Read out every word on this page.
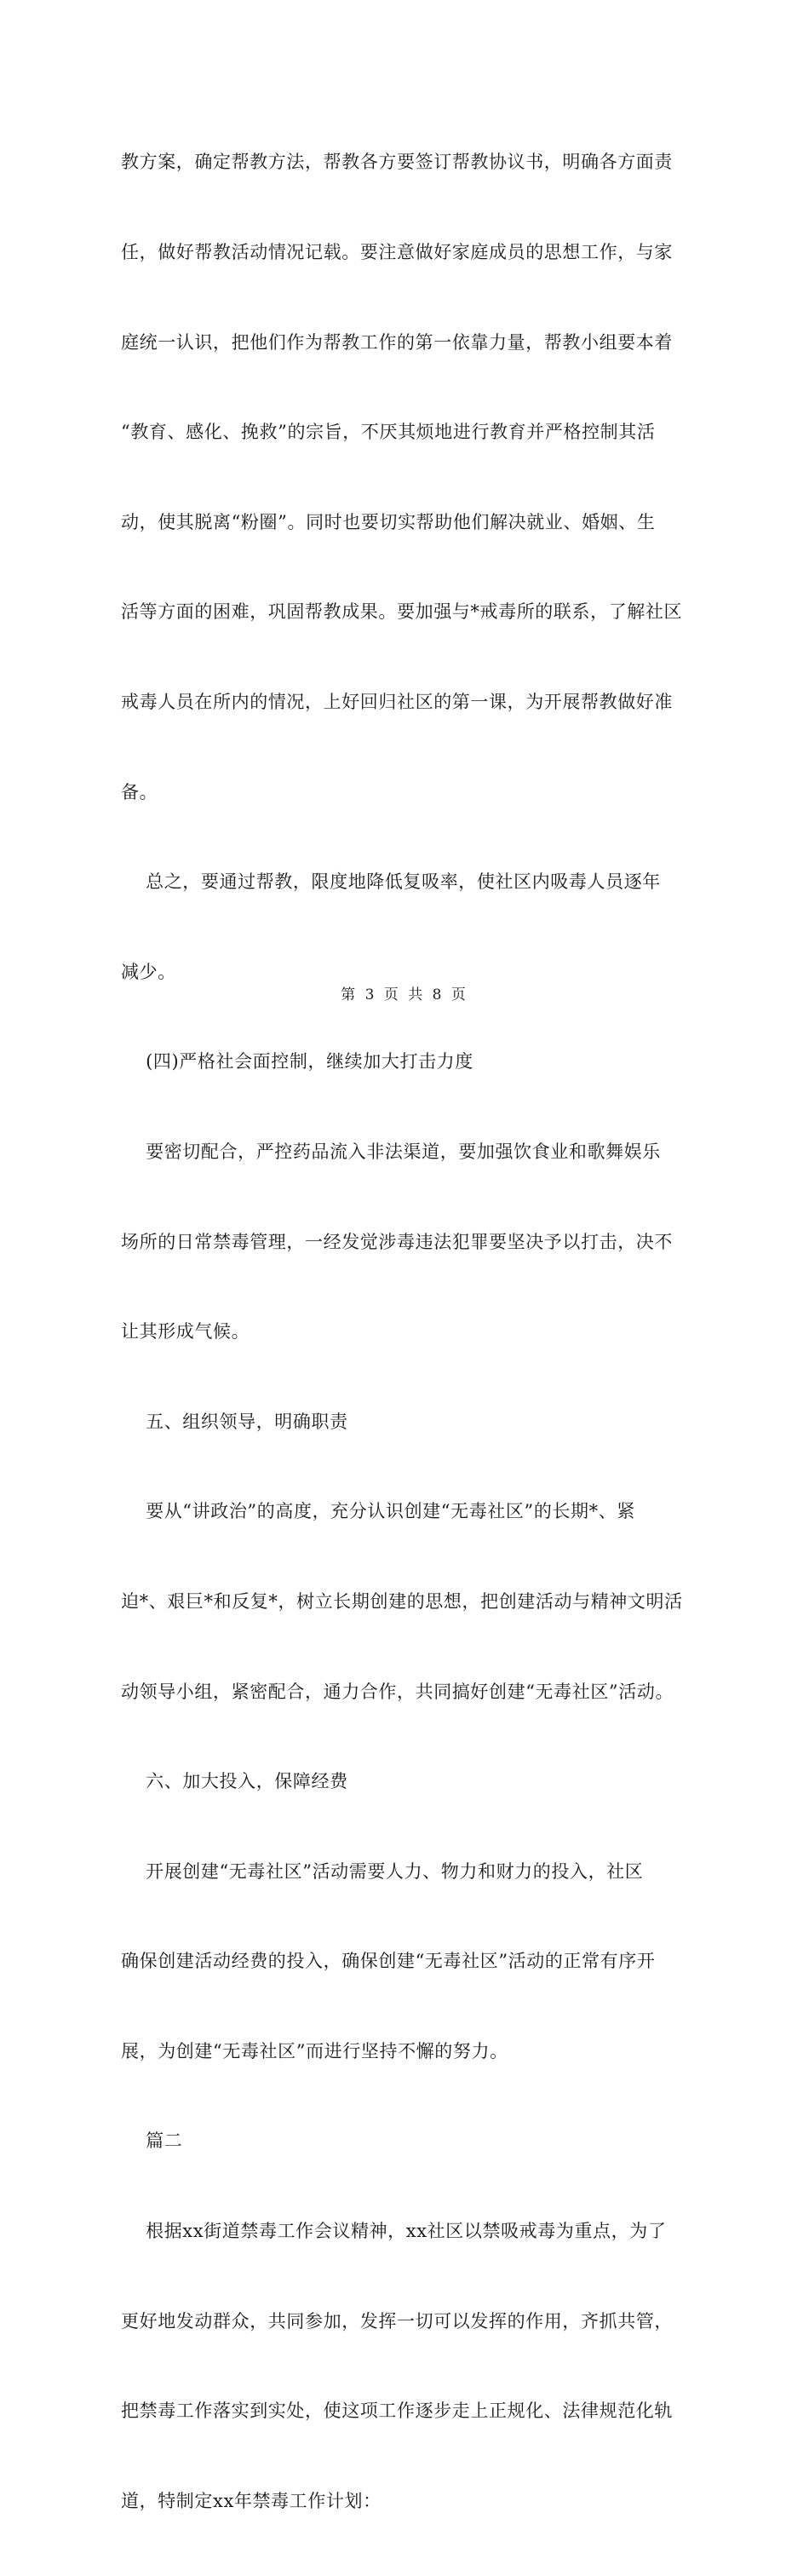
教方案，确定帮教方法，帮教各方要签订帮教协议书，明确各方面责

任，做好帮教活动情况记载。要注意做好家庭成员的思想工作，与家

庭统一认识，把他们作为帮教工作的第一依靠力量，帮教小组要本着

“教育、感化、挽救”的宗旨，不厌其烦地进行教育并严格控制其活

动，使其脱离“粉圈”。同时也要切实帮助他们解决就业、婚姻、生

活等方面的困难，巩固帮教成果。要加强与*戒毒所的联系，了解社区

戒毒人员在所内的情况，上好回归社区的第一课，为开展帮教做好准

备。

总之，要通过帮教，限度地降低复吸率，使社区内吸毒人员逐年

减少。

(四)严格社会面控制，继续加大打击力度

要密切配合，严控药品流入非法渠道，要加强饮食业和歌舞娱乐

场所的日常禁毒管理，一经发觉涉毒违法犯罪要坚决予以打击，决不

让其形成气候。

五、组织领导，明确职责

要从“讲政治”的高度，充分认识创建“无毒社区”的长期*、紧

迫*、艰巨*和反复*，树立长期创建的思想，把创建活动与精神文明活

动领导小组，紧密配合，通力合作，共同搞好创建“无毒社区”活动。

六、加大投入，保障经费

开展创建“无毒社区”活动需要人力、物力和财力的投入，社区

确保创建活动经费的投入，确保创建“无毒社区”活动的正常有序开

展，为创建“无毒社区”而进行坚持不懈的努力。

篇二

根据xx街道禁毒工作会议精神，xx社区以禁吸戒毒为重点，为了

更好地发动群众，共同参加，发挥一切可以发挥的作用，齐抓共管，

把禁毒工作落实到实处，使这项工作逐步走上正规化、法律规范化轨

道，特制定xx年禁毒工作计划：

第 3 页 共 8 页
